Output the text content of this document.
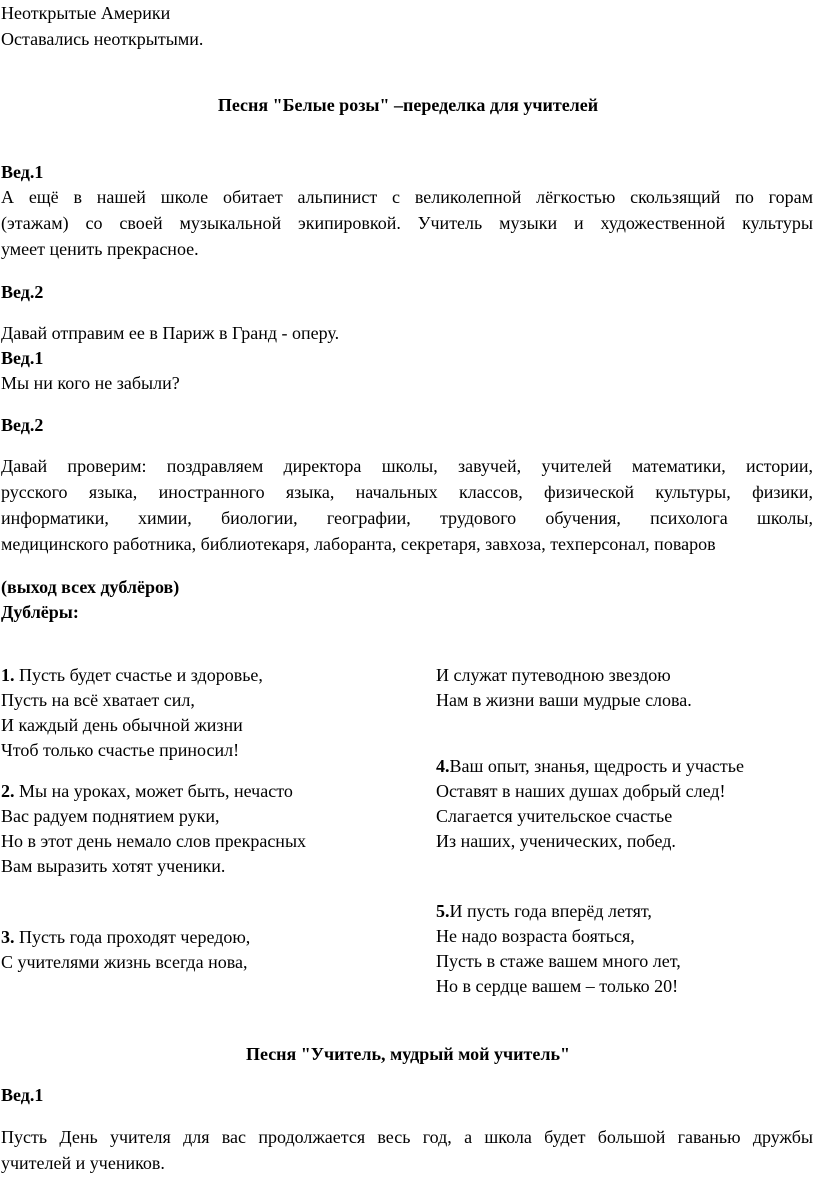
Неоткрытые Америки
Оставались неоткрытыми.
Песня "Белые розы" –переделка для учителей
Вед.1
А ещё в нашей школе обитает альпинист с великолепной лёгкостью скользящий по горам
(этажам) со своей музыкальной экипировкой. Учитель музыки и художественной культуры
умеет ценить прекрасное.
Вед.2
Давай отправим ее в Париж в Гранд - оперу.
Вед.1
Мы ни кого не забыли?
Вед.2
Давай проверим: поздравляем директора школы, завучей, учителей математики, истории,
русского языка, иностранного языка, начальных классов, физической культуры, физики,
информатики, химии, биологии, географии, трудового обучения, психолога школы,
медицинского работника, библиотекаря, лаборанта, секретаря, завхоза, техперсонал, поваров
(выход всех дублёров)
Дублёры:
1. Пусть будет счастье и здоровье,
Пусть на всё хватает сил,
И каждый день обычной жизни
Чтоб только счастье приносил!
2. Мы на уроках, может быть, нечасто
Вас радуем поднятием руки,
Но в этот день немало слов прекрасных
Вам выразить хотят ученики.
3. Пусть года проходят чередою,
С учителями жизнь всегда нова,
И служат путеводною звездою
Нам в жизни ваши мудрые слова.
4.Ваш опыт, знанья, щедрость и участье
Оставят в наших душах добрый след!
Слагается учительское счастье
Из наших, ученических, побед.
5.И пусть года вперёд летят,
Не надо возраста бояться,
Пусть в стаже вашем много лет,
Но в сердце вашем – только 20!
Песня "Учитель, мудрый мой учитель"
Вед.1
Пусть День учителя для вас продолжается весь год, а школа будет большой гаванью дружбы
учителей и учеников.
